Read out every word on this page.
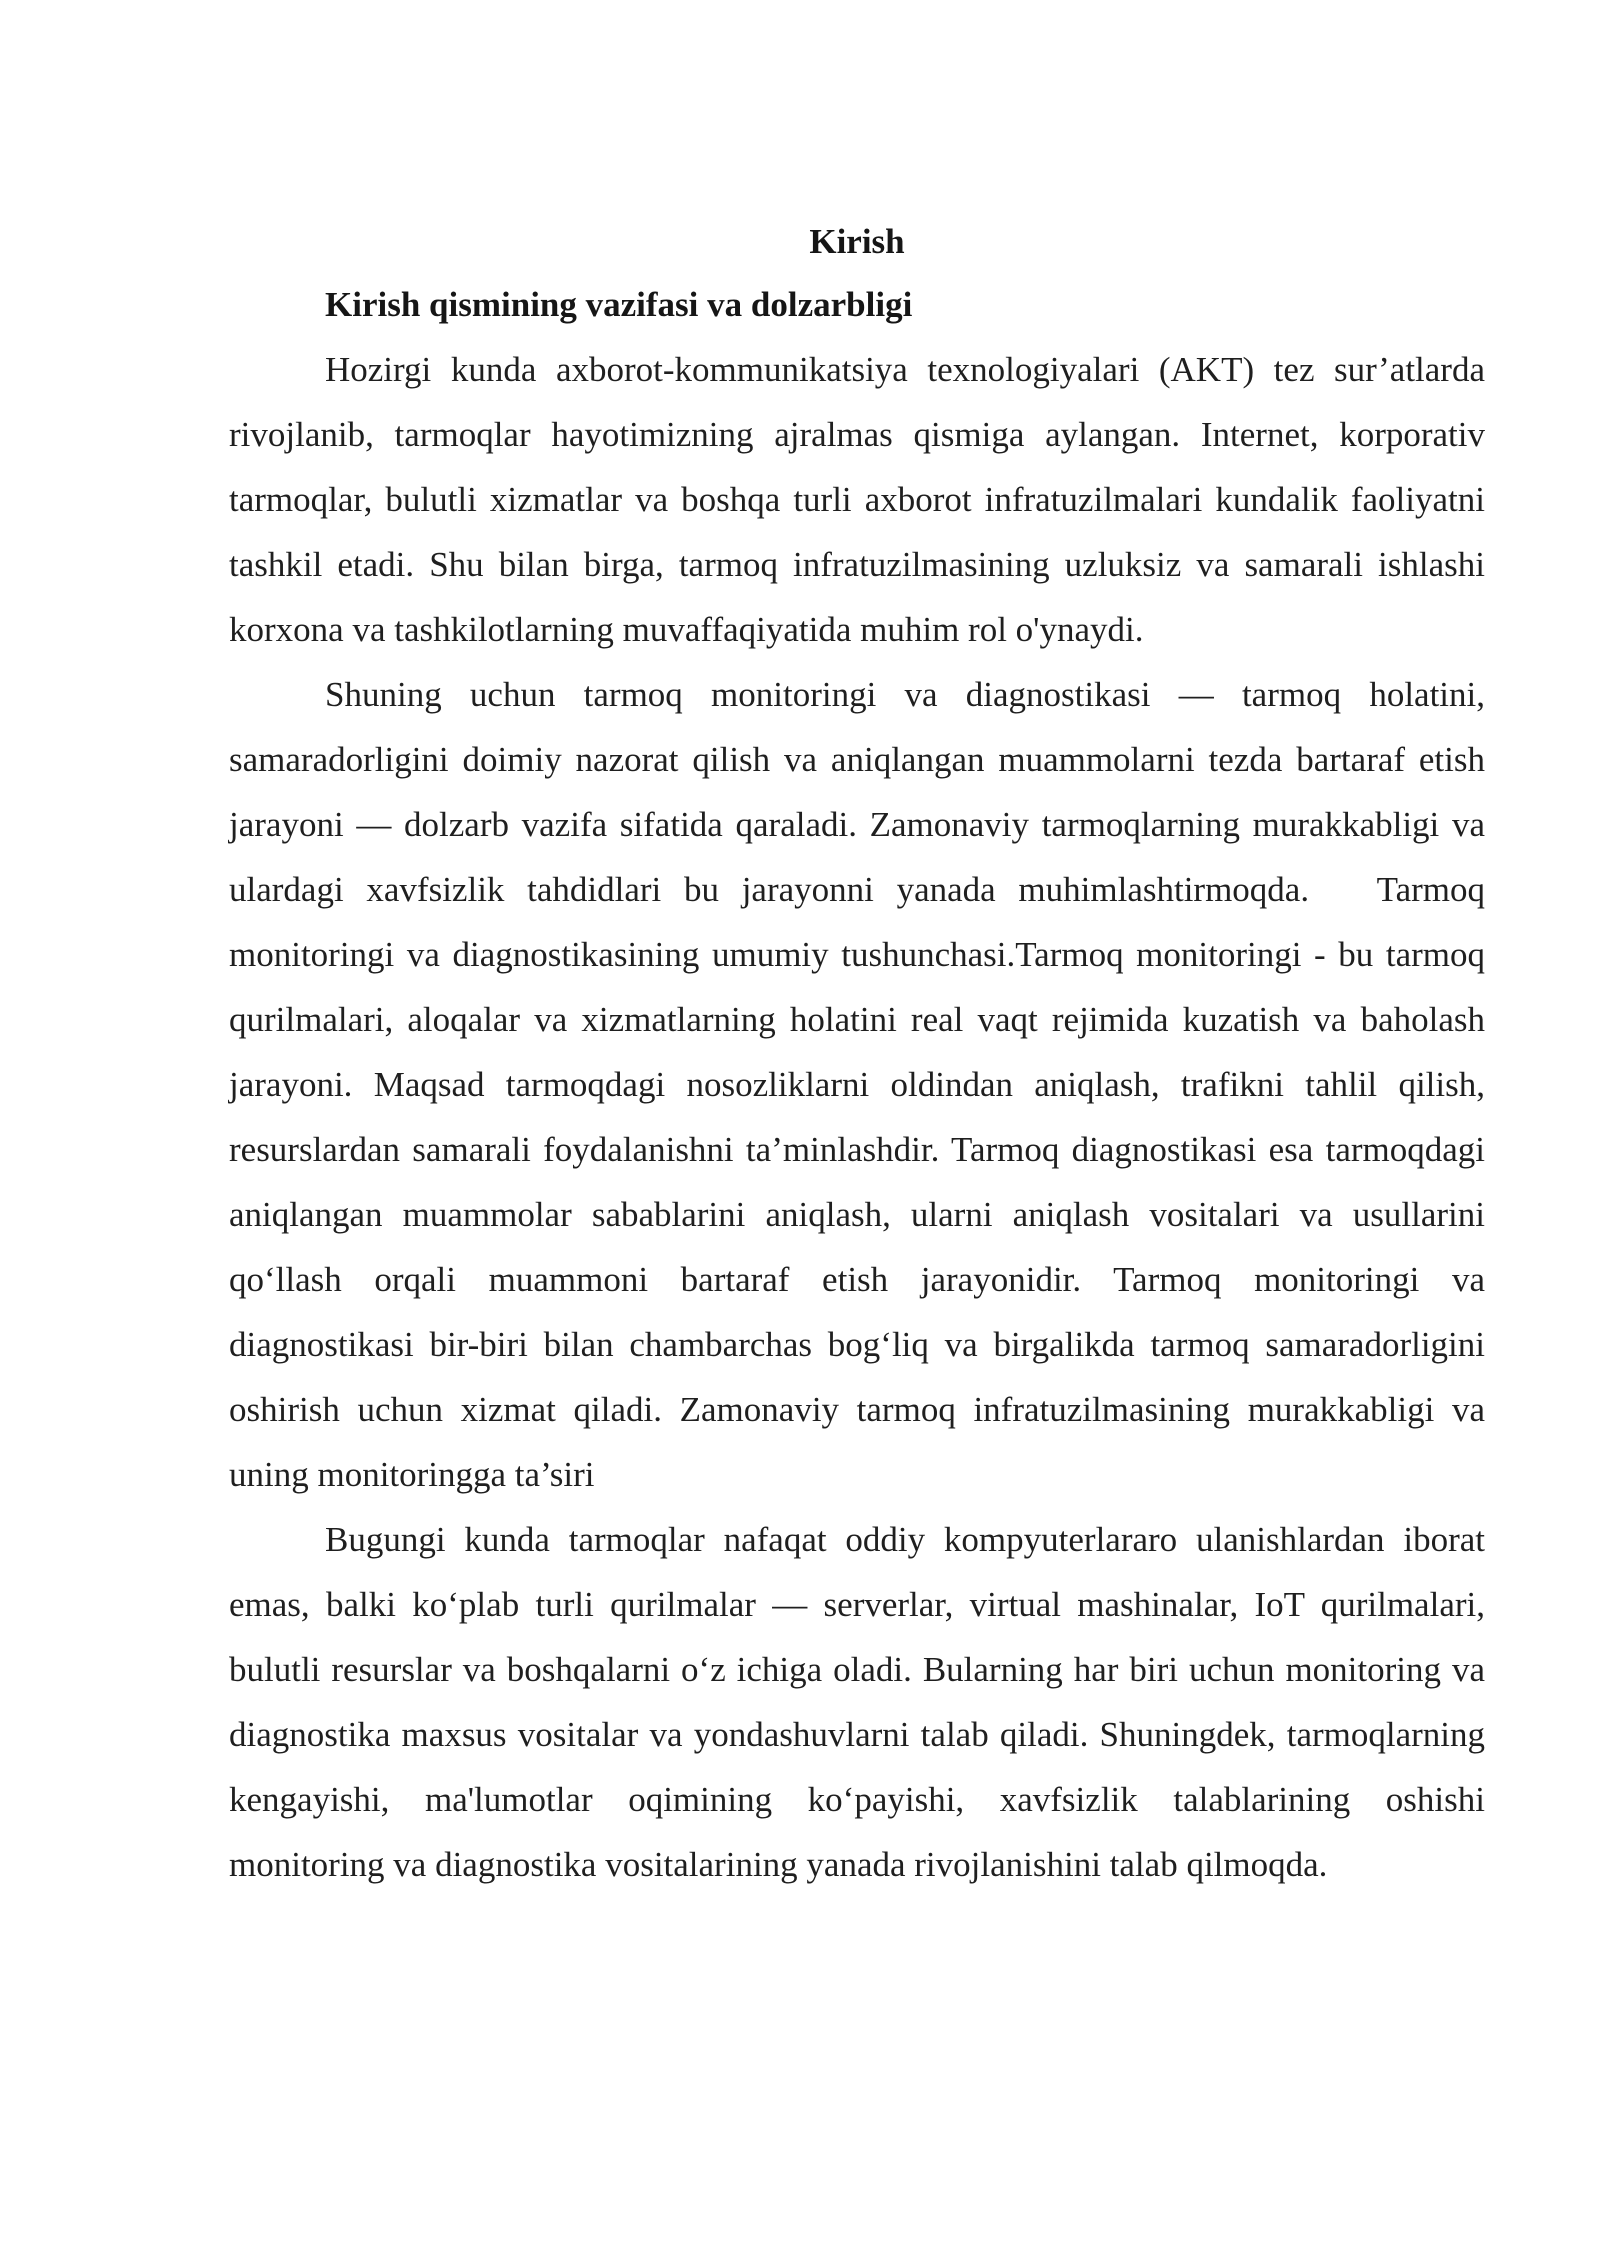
Kirish
Kirish qismining vazifasi va dolzarbligi

Hozirgi kunda axborot-kommunikatsiya texnologiyalari (AKT) tez sur’atlarda rivojlanib, tarmoqlar hayotimizning ajralmas qismiga aylangan. Internet, korporativ tarmoqlar, bulutli xizmatlar va boshqa turli axborot infratuzilmalari kundalik faoliyatni tashkil etadi. Shu bilan birga, tarmoq infratuzilmasining uzluksiz va samarali ishlashi korxona va tashkilotlarning muvaffaqiyatida muhim rol o'ynaydi.

Shuning uchun tarmoq monitoringi va diagnostikasi — tarmoq holatini, samaradorligini doimiy nazorat qilish va aniqlangan muammolarni tezda bartaraf etish jarayoni — dolzarb vazifa sifatida qaraladi. Zamonaviy tarmoqlarning murakkabligi va ulardagi xavfsizlik tahdidlari bu jarayonni yanada muhimlashtirmoqda.   Tarmoq monitoringi va diagnostikasining umumiy tushunchasi.Tarmoq monitoringi - bu tarmoq qurilmalari, aloqalar va xizmatlarning holatini real vaqt rejimida kuzatish va baholash jarayoni. Maqsad tarmoqdagi nosozliklarni oldindan aniqlash, trafikni tahlil qilish, resurslardan samarali foydalanishni ta’minlashdir. Tarmoq diagnostikasi esa tarmoqdagi aniqlangan muammolar sabablarini aniqlash, ularni aniqlash vositalari va usullarini qo‘llash orqali muammoni bartaraf etish jarayonidir. Tarmoq monitoringi va diagnostikasi bir-biri bilan chambarchas bog‘liq va birgalikda tarmoq samaradorligini oshirish uchun xizmat qiladi. Zamonaviy tarmoq infratuzilmasining murakkabligi va uning monitoringga ta’siri

Bugungi kunda tarmoqlar nafaqat oddiy kompyuterlararo ulanishlardan iborat emas, balki ko‘plab turli qurilmalar — serverlar, virtual mashinalar, IoT qurilmalari, bulutli resurslar va boshqalarni o‘z ichiga oladi. Bularning har biri uchun monitoring va diagnostika maxsus vositalar va yondashuvlarni talab qiladi. Shuningdek, tarmoqlarning kengayishi, ma'lumotlar oqimining ko‘payishi, xavfsizlik talablarining oshishi monitoring va diagnostika vositalarining yanada rivojlanishini talab qilmoqda.
